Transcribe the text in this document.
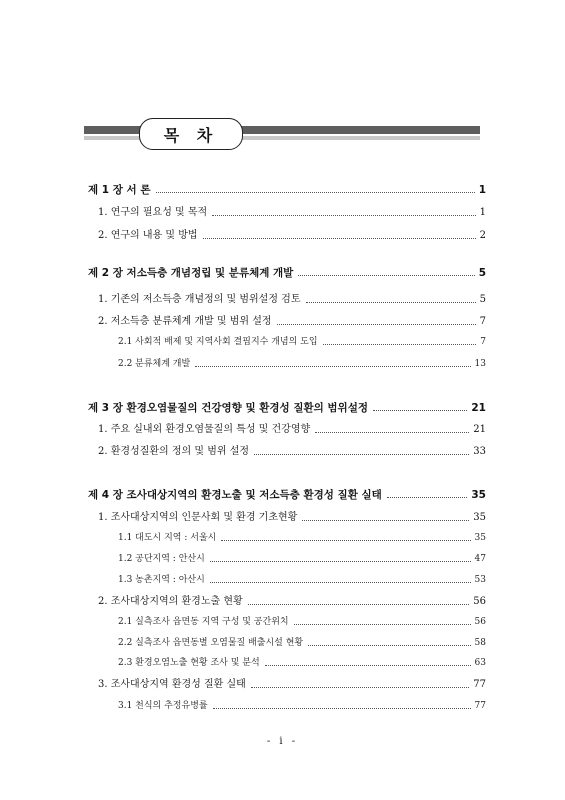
목 차
제 1 장 서 론	1
1. 연구의 필요성 및 목적	1
2. 연구의 내용 및 방법	2
제 2 장 저소득층 개념정립 및 분류체계 개발	5
1. 기존의 저소득층 개념정의 및 범위설정 검토	5
2. 저소득층 분류체계 개발 및 범위 설정	7
2.1 사회적 배제 및 지역사회 결핍지수 개념의 도입	7
2.2 분류체계 개발	13
제 3 장 환경오염물질의 건강영향 및 환경성 질환의 범위설정	21
1. 주요 실내외 환경오염물질의 특성 및 건강영향	21
2. 환경성질환의 정의 및 범위 설정	33
제 4 장 조사대상지역의 환경노출 및 저소득층 환경성 질환 실태	35
1. 조사대상지역의 인문사회 및 환경 기초현황	35
1.1 대도시 지역 : 서울시	35
1.2 공단지역 : 안산시	47
1.3 농촌지역 : 아산시	53
2. 조사대상지역의 환경노출 현황	56
2.1 실측조사 읍면동 지역 구성 및 공간위치	56
2.2 실측조사 읍면동별 오염물질 배출시설 현황	58
2.3 환경오염노출 현황 조사 및 분석	63
3. 조사대상지역 환경성 질환 실태	77
3.1 천식의 추정유병률	77
- i -
